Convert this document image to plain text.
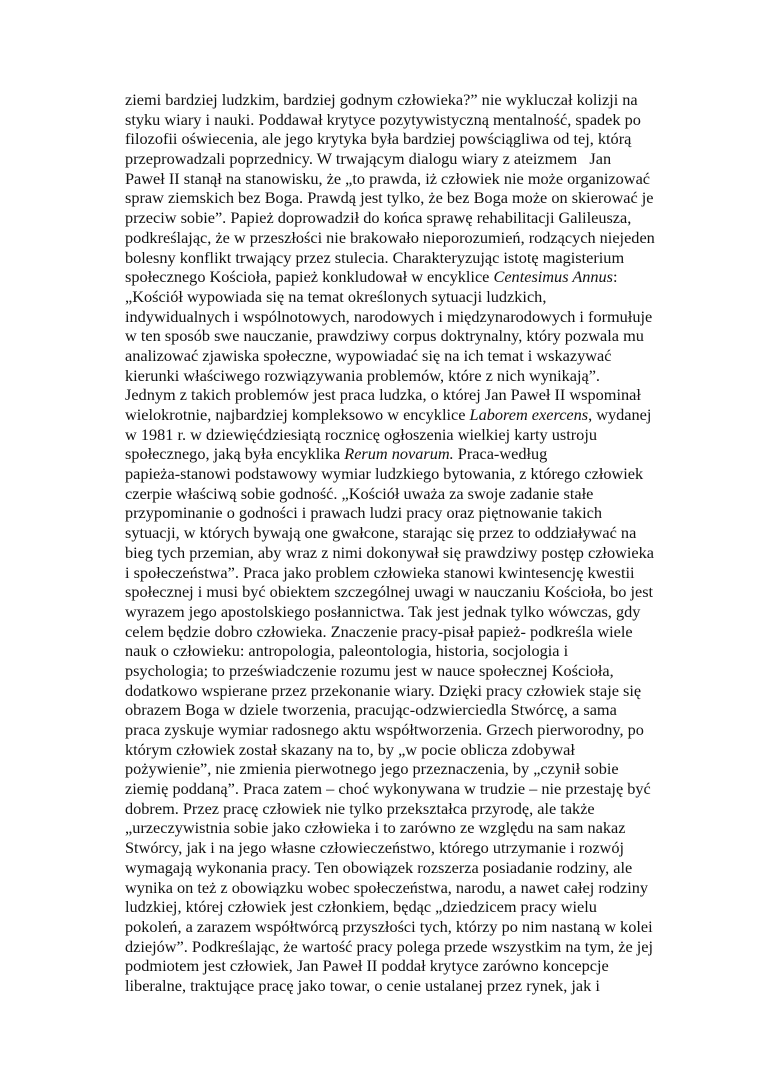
ziemi bardziej ludzkim, bardziej godnym człowieka?” nie wykluczał kolizji na
styku wiary i nauki. Poddawał krytyce pozytywistyczną mentalność, spadek po
filozofii oświecenia, ale jego krytyka była bardziej powściągliwa od tej, którą
przeprowadzali poprzednicy. W trwającym dialogu wiary z ateizmem   Jan
Paweł II stanął na stanowisku, że „to prawda, iż człowiek nie może organizować
spraw ziemskich bez Boga. Prawdą jest tylko, że bez Boga może on skierować je
przeciw sobie”. Papież doprowadził do końca sprawę rehabilitacji Galileusza,
podkreślając, że w przeszłości nie brakowało nieporozumień, rodzących niejeden
bolesny konflikt trwający przez stulecia. Charakteryzując istotę magisterium
społecznego Kościoła, papież konkludował w encyklice Centesimus Annus:
„Kościół wypowiada się na temat określonych sytuacji ludzkich,
indywidualnych i wspólnotowych, narodowych i międzynarodowych i formułuje
w ten sposób swe nauczanie, prawdziwy corpus doktrynalny, który pozwala mu
analizować zjawiska społeczne, wypowiadać się na ich temat i wskazywać
kierunki właściwego rozwiązywania problemów, które z nich wynikają”.
Jednym z takich problemów jest praca ludzka, o której Jan Paweł II wspominał
wielokrotnie, najbardziej kompleksowo w encyklice Laborem exercens, wydanej
w 1981 r. w dziewięćdziesiątą rocznicę ogłoszenia wielkiej karty ustroju
społecznego, jaką była encyklika Rerum novarum. Praca-według
papieża-stanowi podstawowy wymiar ludzkiego bytowania, z którego człowiek
czerpie właściwą sobie godność. „Kościół uważa za swoje zadanie stałe
przypominanie o godności i prawach ludzi pracy oraz piętnowanie takich
sytuacji, w których bywają one gwałcone, starając się przez to oddziaływać na
bieg tych przemian, aby wraz z nimi dokonywał się prawdziwy postęp człowieka
i społeczeństwa”. Praca jako problem człowieka stanowi kwintesencję kwestii
społecznej i musi być obiektem szczególnej uwagi w nauczaniu Kościoła, bo jest
wyrazem jego apostolskiego posłannictwa. Tak jest jednak tylko wówczas, gdy
celem będzie dobro człowieka. Znaczenie pracy-pisał papież- podkreśla wiele
nauk o człowieku: antropologia, paleontologia, historia, socjologia i
psychologia; to przeświadczenie rozumu jest w nauce społecznej Kościoła,
dodatkowo wspierane przez przekonanie wiary. Dzięki pracy człowiek staje się
obrazem Boga w dziele tworzenia, pracując-odzwierciedla Stwórcę, a sama
praca zyskuje wymiar radosnego aktu współtworzenia. Grzech pierworodny, po
którym człowiek został skazany na to, by „w pocie oblicza zdobywał
pożywienie”, nie zmienia pierwotnego jego przeznaczenia, by „czynił sobie
ziemię poddaną”. Praca zatem – choć wykonywana w trudzie – nie przestaję być
dobrem. Przez pracę człowiek nie tylko przekształca przyrodę, ale także
„urzeczywistnia sobie jako człowieka i to zarówno ze względu na sam nakaz
Stwórcy, jak i na jego własne człowieczeństwo, którego utrzymanie i rozwój
wymagają wykonania pracy. Ten obowiązek rozszerza posiadanie rodziny, ale
wynika on też z obowiązku wobec społeczeństwa, narodu, a nawet całej rodziny
ludzkiej, której człowiek jest członkiem, będąc „dziedzicem pracy wielu
pokoleń, a zarazem współtwórcą przyszłości tych, którzy po nim nastaną w kolei
dziejów”. Podkreślając, że wartość pracy polega przede wszystkim na tym, że jej
podmiotem jest człowiek, Jan Paweł II poddał krytyce zarówno koncepcje
liberalne, traktujące pracę jako towar, o cenie ustalanej przez rynek, jak i
